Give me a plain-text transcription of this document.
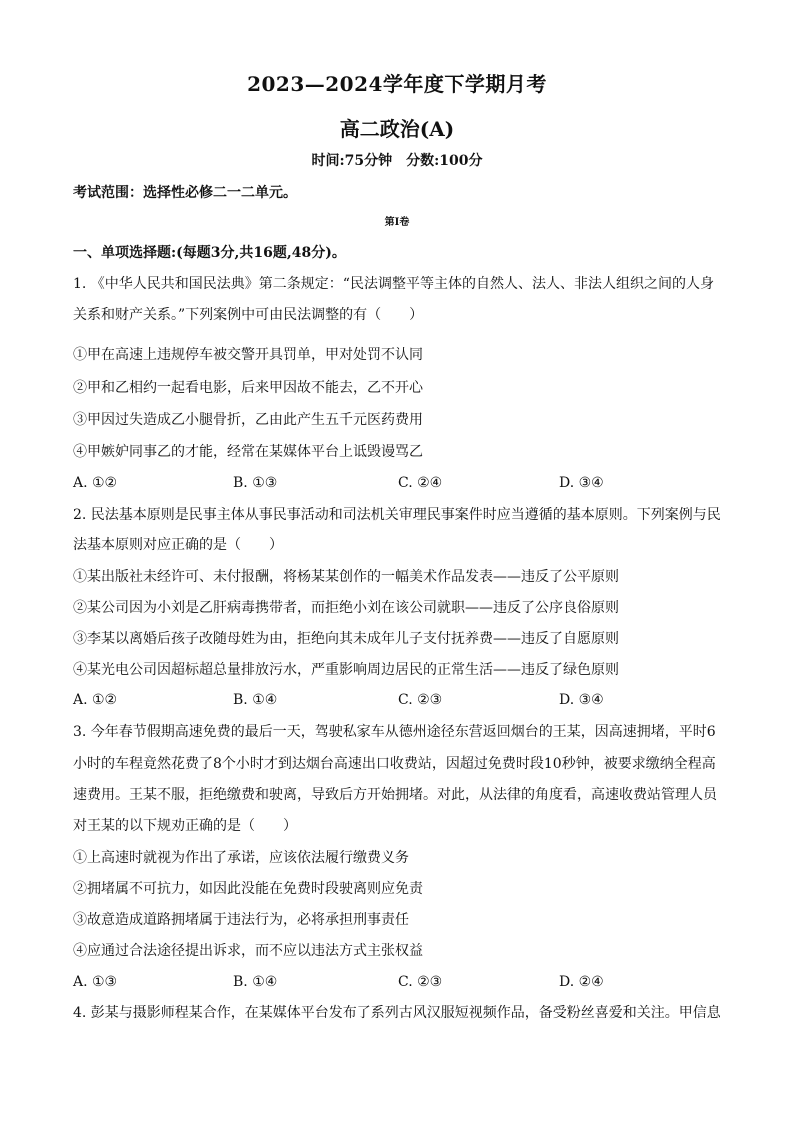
2023—2024学年度下学期月考
高二政治(A)
时间:75分钟　分数:100分
考试范围：选择性必修二一二单元。
第Ⅰ卷
一、单项选择题:(每题3分,共16题,48分)。
1. 《中华人民共和国民法典》第二条规定：“民法调整平等主体的自然人、法人、非法人组织之间的人身
关系和财产关系。”下列案例中可由民法调整的有（　　）
①甲在高速上违规停车被交警开具罚单，甲对处罚不认同
②甲和乙相约一起看电影，后来甲因故不能去，乙不开心
③甲因过失造成乙小腿骨折，乙由此产生五千元医药费用
④甲嫉妒同事乙的才能，经常在某媒体平台上诋毁谩骂乙
A. ①②	B. ①③	C. ②④	D. ③④
2. 民法基本原则是民事主体从事民事活动和司法机关审理民事案件时应当遵循的基本原则。下列案例与民
法基本原则对应正确的是（　　）
①某出版社未经许可、未付报酬，将杨某某创作的一幅美术作品发表——违反了公平原则
②某公司因为小刘是乙肝病毒携带者，而拒绝小刘在该公司就职——违反了公序良俗原则
③李某以离婚后孩子改随母姓为由，拒绝向其未成年儿子支付抚养费——违反了自愿原则
④某光电公司因超标超总量排放污水，严重影响周边居民的正常生活——违反了绿色原则
A. ①②	B. ①④	C. ②③	D. ③④
3. 今年春节假期高速免费的最后一天，驾驶私家车从德州途径东营返回烟台的王某，因高速拥堵，平时6
小时的车程竟然花费了8个小时才到达烟台高速出口收费站，因超过免费时段10秒钟，被要求缴纳全程高
速费用。王某不服，拒绝缴费和驶离，导致后方开始拥堵。对此，从法律的角度看，高速收费站管理人员
对王某的以下规劝正确的是（　　）
①上高速时就视为作出了承诺，应该依法履行缴费义务
②拥堵属不可抗力，如因此没能在免费时段驶离则应免责
③故意造成道路拥堵属于违法行为，必将承担刑事责任
④应通过合法途径提出诉求，而不应以违法方式主张权益
A. ①③	B. ①④	C. ②③	D. ②④
4. 彭某与摄影师程某合作，在某媒体平台发布了系列古风汉服短视频作品，备受粉丝喜爱和关注。甲信息
